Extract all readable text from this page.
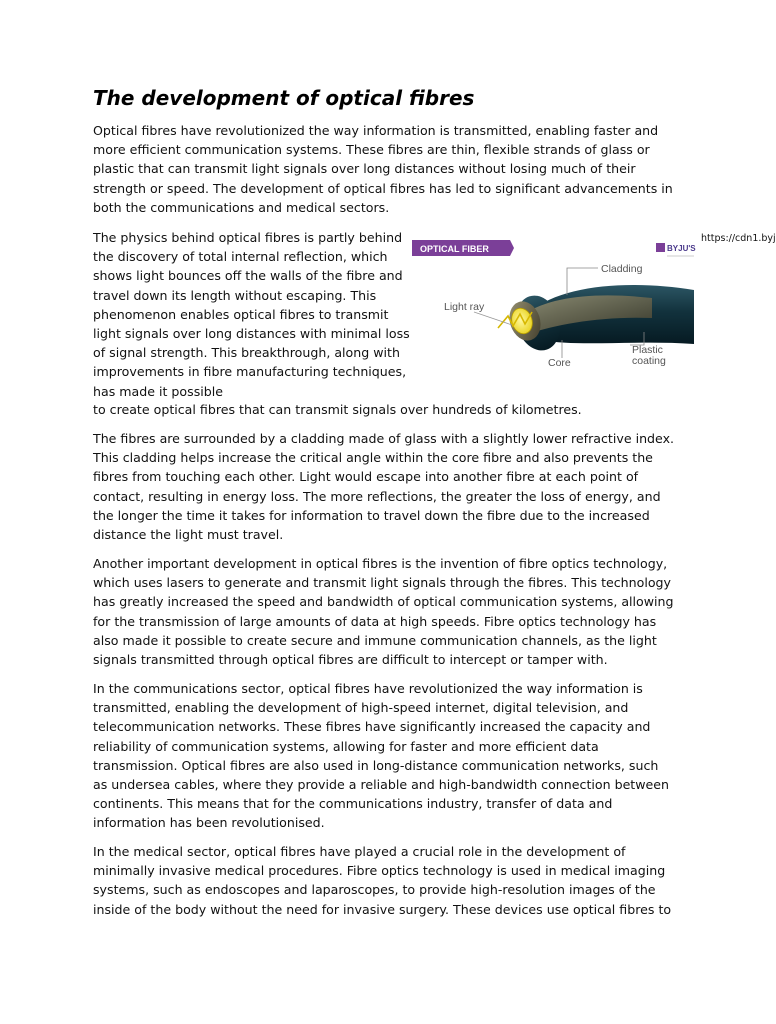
The development of optical fibres

Optical fibres have revolutionized the way information is transmitted, enabling faster and more efficient communication systems. These fibres are thin, flexible strands of glass or plastic that can transmit light signals over long distances without losing much of their strength or speed. The development of optical fibres has led to significant advancements in both the communications and medical sectors.

The physics behind optical fibres is partly behind the discovery of total internal reflection, which shows light bounces off the walls of the fibre and travel down its length without escaping. This phenomenon enables optical fibres to transmit light signals over long distances with minimal loss of signal strength. This breakthrough, along with improvements in fibre manufacturing techniques, has made it possible

to create optical fibres that can transmit signals over hundreds of kilometres.

OPTICAL FIBER	BYJU'S
Cladding
Light ray
Core
Plastic
coating
https://cdn1.byj

The fibres are surrounded by a cladding made of glass with a slightly lower refractive index. This cladding helps increase the critical angle within the core fibre and also prevents the fibres from touching each other. Light would escape into another fibre at each point of contact, resulting in energy loss. The more reflections, the greater the loss of energy, and the longer the time it takes for information to travel down the fibre due to the increased distance the light must travel.

Another important development in optical fibres is the invention of fibre optics technology, which uses lasers to generate and transmit light signals through the fibres. This technology has greatly increased the speed and bandwidth of optical communication systems, allowing for the transmission of large amounts of data at high speeds. Fibre optics technology has also made it possible to create secure and immune communication channels, as the light signals transmitted through optical fibres are difficult to intercept or tamper with.

In the communications sector, optical fibres have revolutionized the way information is transmitted, enabling the development of high-speed internet, digital television, and telecommunication networks. These fibres have significantly increased the capacity and reliability of communication systems, allowing for faster and more efficient data transmission. Optical fibres are also used in long-distance communication networks, such as undersea cables, where they provide a reliable and high-bandwidth connection between continents. This means that for the communications industry, transfer of data and information has been revolutionised.

In the medical sector, optical fibres have played a crucial role in the development of minimally invasive medical procedures. Fibre optics technology is used in medical imaging systems, such as endoscopes and laparoscopes, to provide high-resolution images of the inside of the body without the need for invasive surgery. These devices use optical fibres to
